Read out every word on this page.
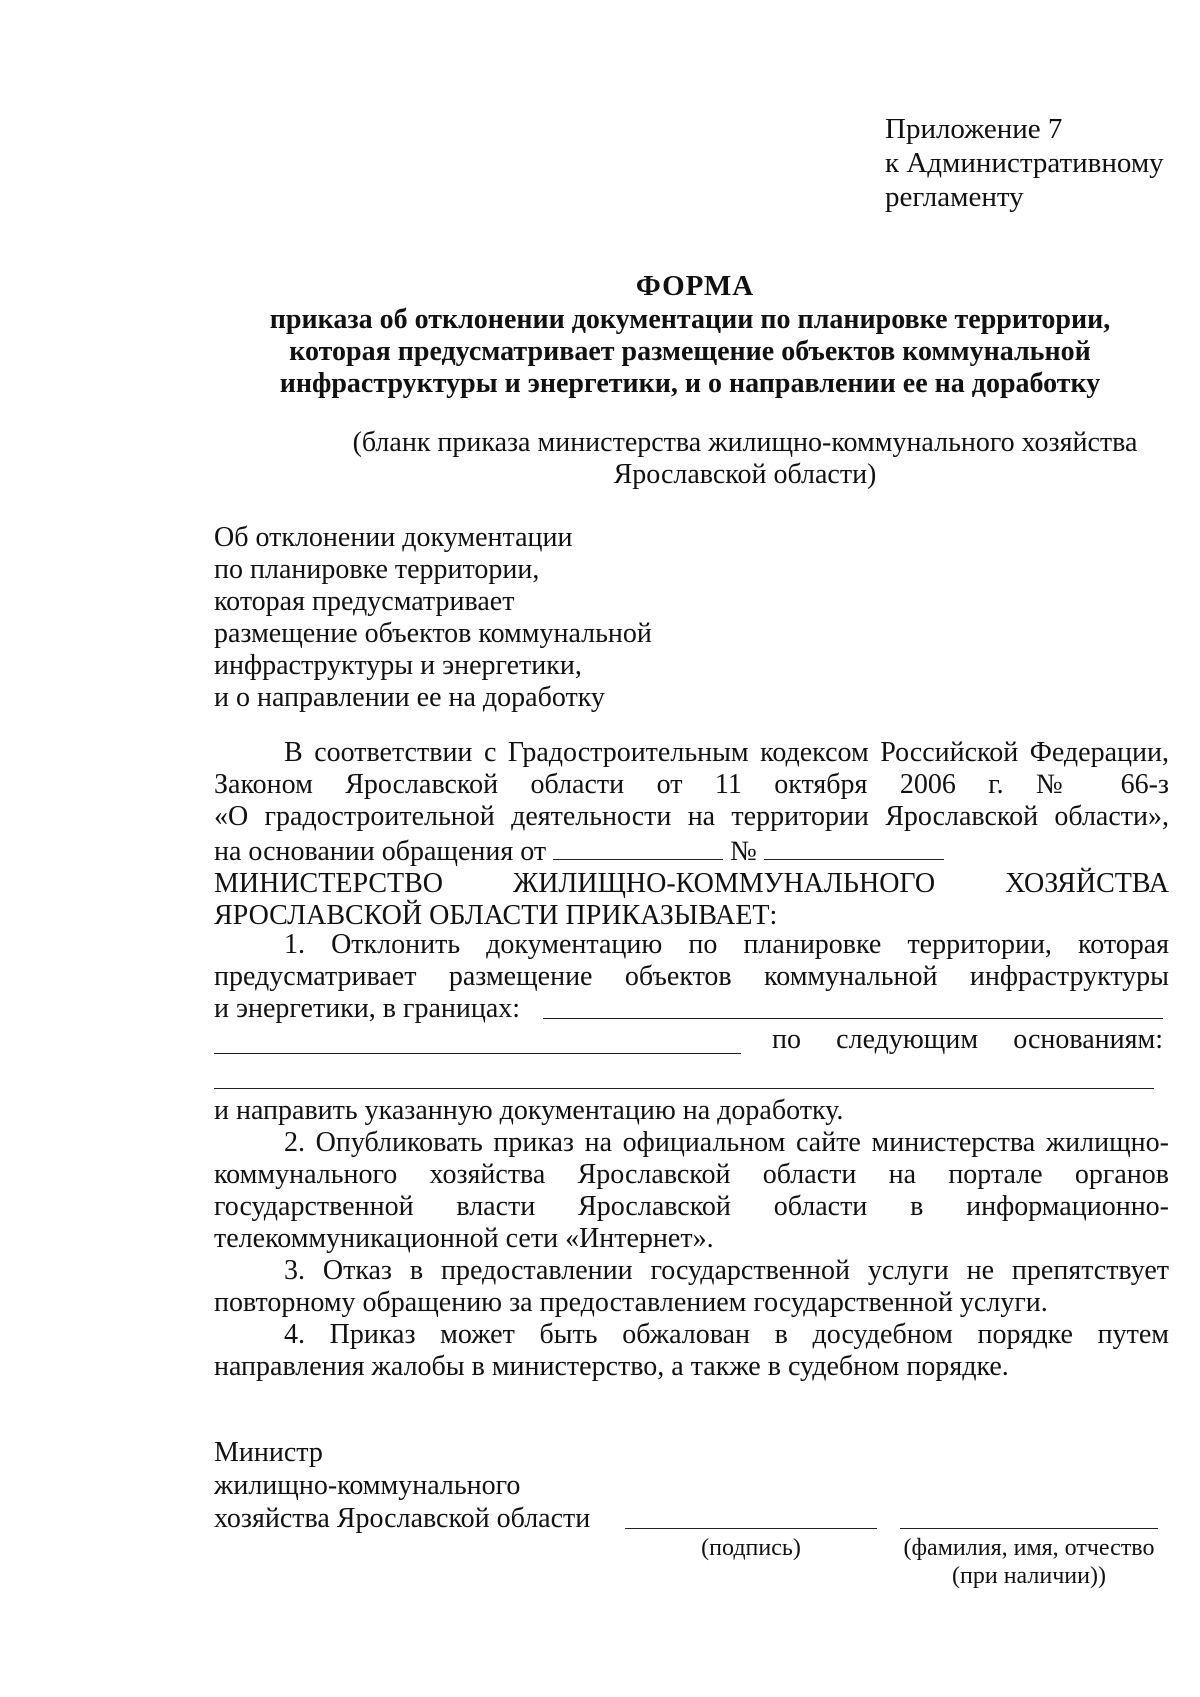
Приложение 7
к Административному
регламенту
ФОРМА
приказа об отклонении документации по планировке территории,
которая предусматривает размещение объектов коммунальной
инфраструктуры и энергетики, и о направлении ее на доработку
(бланк приказа министерства жилищно-коммунального хозяйства
Ярославской области)
Об отклонении документации
по планировке территории,
которая предусматривает
размещение объектов коммунальной
инфраструктуры и энергетики,
и о направлении ее на доработку
В соответствии с Градостроительным кодексом Российской Федерации,
Законом Ярославской области от 11 октября 2006 г. № 66-з
«О градостроительной деятельности на территории Ярославской области»,
на основании обращения от	№
МИНИСТЕРСТВО ЖИЛИЩНО-КОММУНАЛЬНОГО ХОЗЯЙСТВА
ЯРОСЛАВСКОЙ ОБЛАСТИ ПРИКАЗЫВАЕТ:
1. Отклонить документацию по планировке территории, которая
предусматривает размещение объектов коммунальной инфраструктуры
и энергетики, в границах:
по следующим основаниям:
и направить указанную документацию на доработку.
2. Опубликовать приказ на официальном сайте министерства жилищно-
коммунального хозяйства Ярославской области на портале органов
государственной власти Ярославской области в информационно-
телекоммуникационной сети «Интернет».
3. Отказ в предоставлении государственной услуги не препятствует
повторному обращению за предоставлением государственной услуги.
4. Приказ может быть обжалован в досудебном порядке путем
направления жалобы в министерство, а также в судебном порядке.
Министр
жилищно-коммунального
хозяйства Ярославской области
(подпись)	(фамилия, имя, отчество
(при наличии))
